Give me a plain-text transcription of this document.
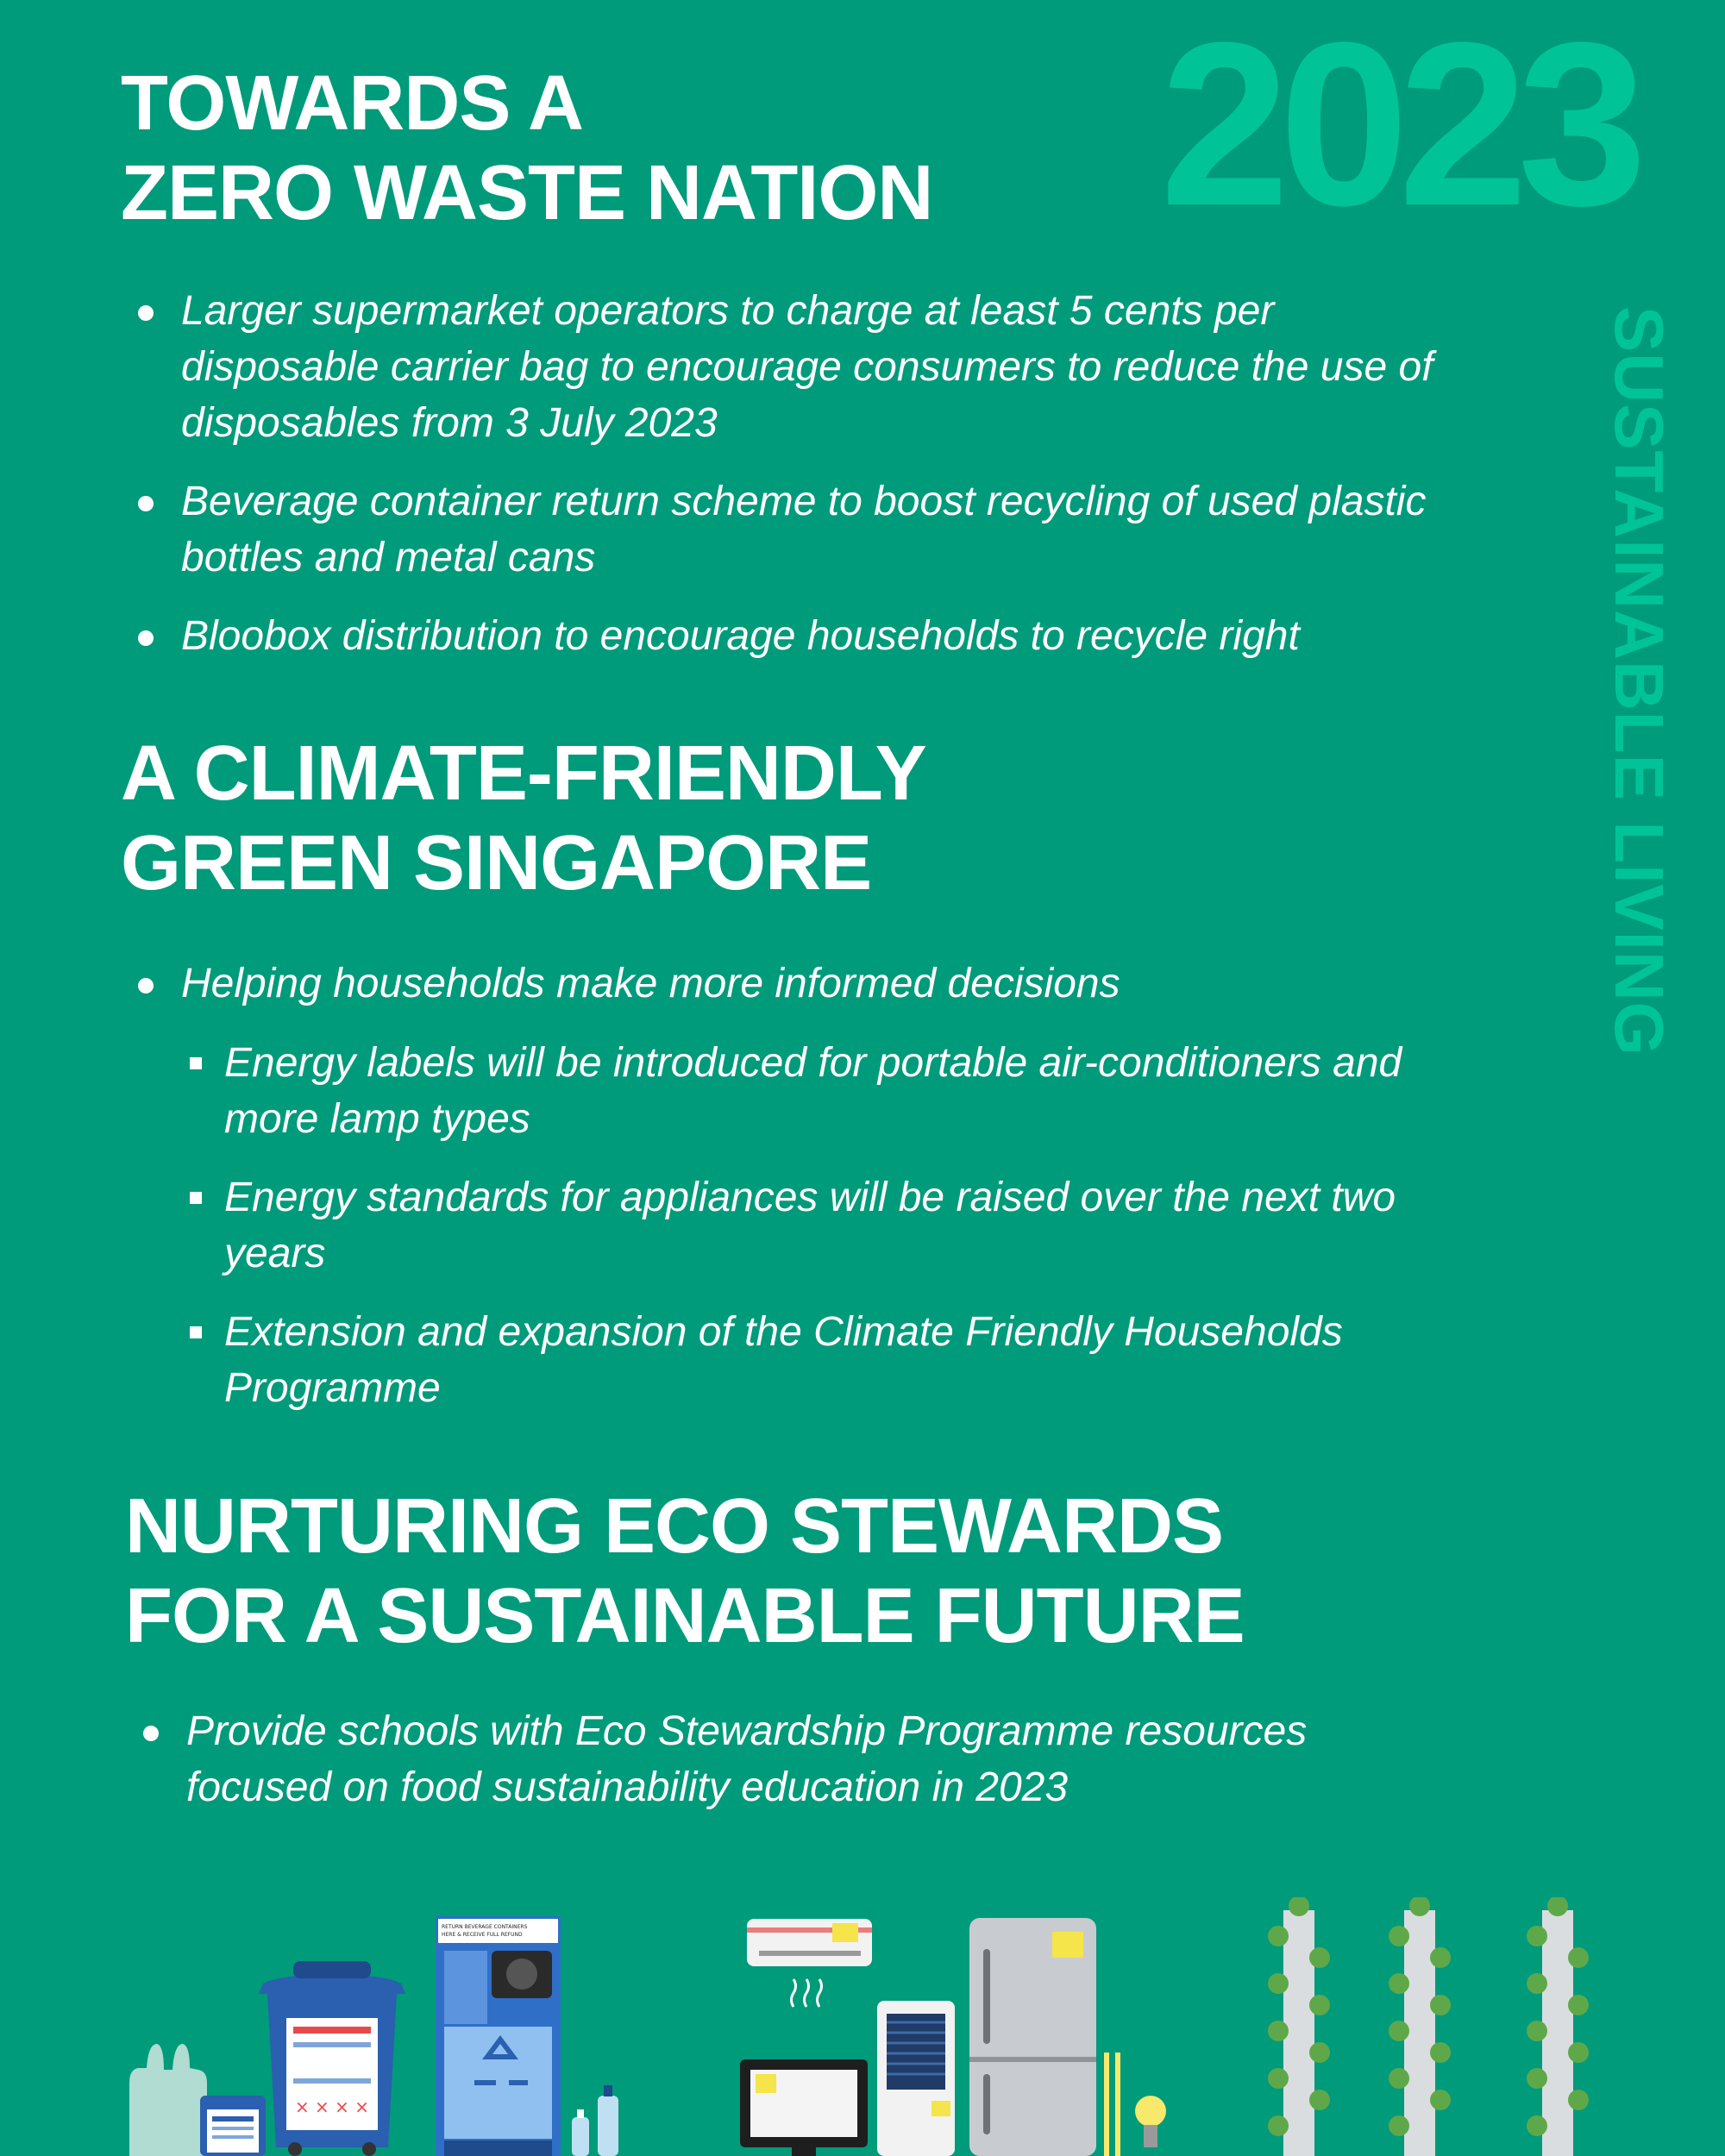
2023
SUSTAINABLE LIVING
TOWARDS A
ZERO WASTE NATION
Larger supermarket operators to charge at least 5 cents per disposable carrier bag to encourage consumers to reduce the use of disposables from 3 July 2023
Beverage container return scheme to boost recycling of used plastic bottles and metal cans
Bloobox distribution to encourage households to recycle right
A CLIMATE-FRIENDLY
GREEN SINGAPORE
Helping households make more informed decisions
Energy labels will be introduced for portable air-conditioners and more lamp types
Energy standards for appliances will be raised over the next two years
Extension and expansion of the Climate Friendly Households Programme
NURTURING ECO STEWARDS
FOR A SUSTAINABLE FUTURE
Provide schools with Eco Stewardship Programme resources focused on food sustainability education in 2023
× × × ×
RETURN BEVERAGE CONTAINERS
HERE & RECEIVE FULL REFUND
